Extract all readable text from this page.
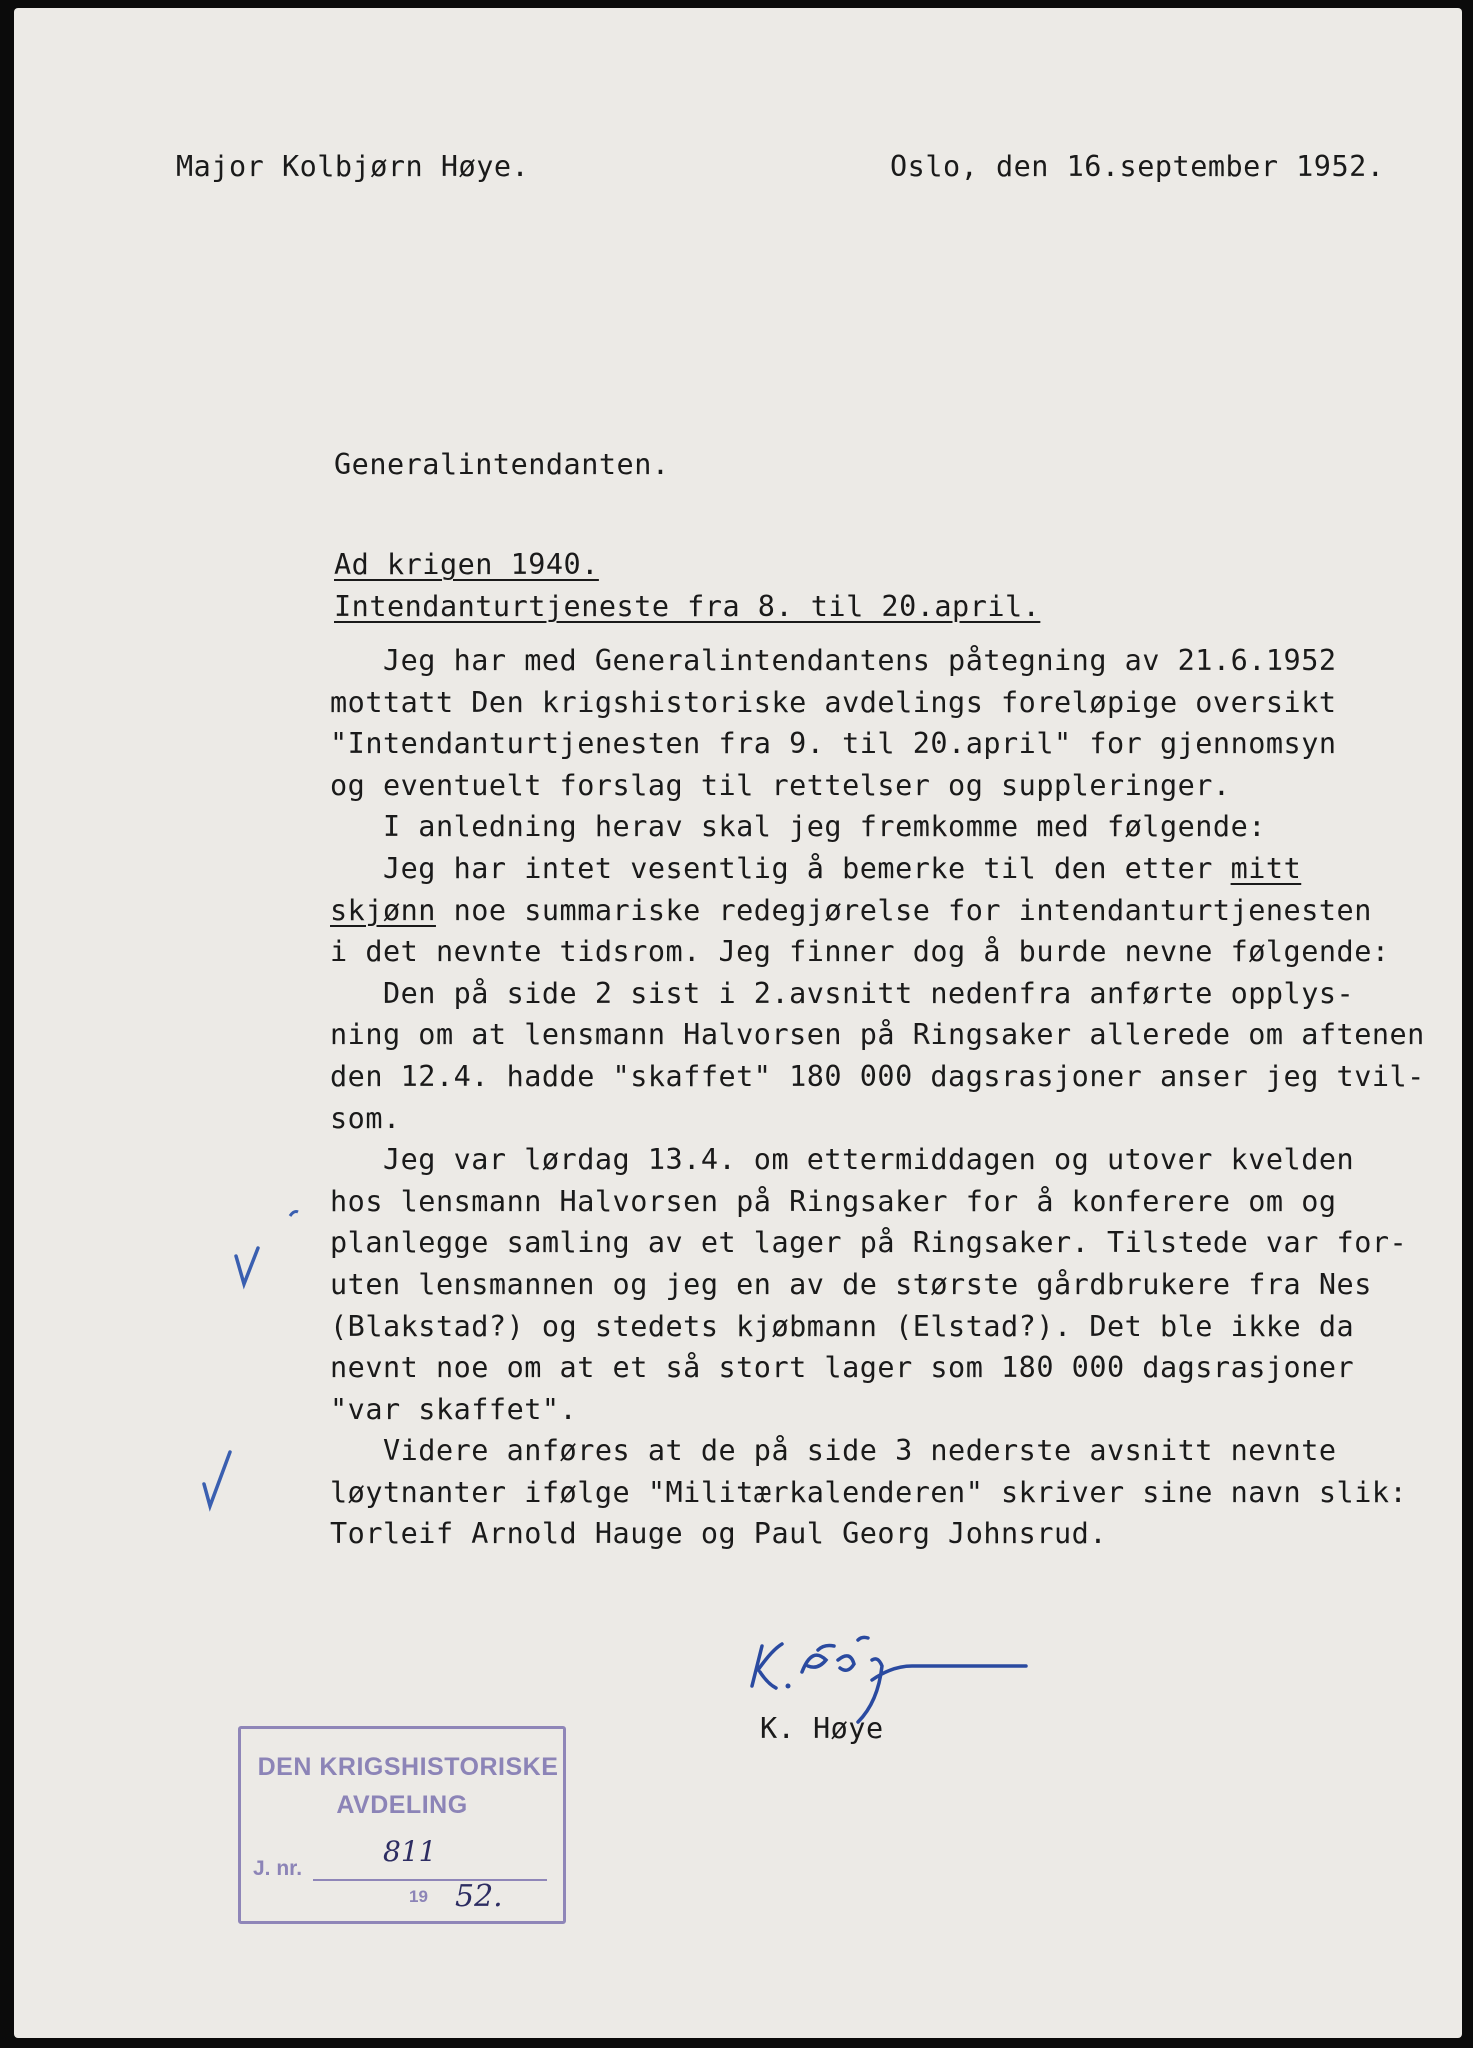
Major Kolbjørn Høye.	Oslo, den 16.september 1952.
Generalintendanten.
Ad krigen 1940.
Intendanturtjeneste fra 8. til 20.april.
Jeg har med Generalintendantens påtegning av 21.6.1952
mottatt Den krigshistoriske avdelings foreløpige oversikt
"Intendanturtjenesten fra 9. til 20.april" for gjennomsyn
og eventuelt forslag til rettelser og suppleringer.
I anledning herav skal jeg fremkomme med følgende:
Jeg har intet vesentlig å bemerke til den etter mitt
skjønn noe summariske redegjørelse for intendanturtjenesten
i det nevnte tidsrom. Jeg finner dog å burde nevne følgende:
Den på side 2 sist i 2.avsnitt nedenfra anførte opplys-
ning om at lensmann Halvorsen på Ringsaker allerede om aftenen
den 12.4. hadde "skaffet" 180 000 dagsrasjoner anser jeg tvil-
som.
Jeg var lørdag 13.4. om ettermiddagen og utover kvelden
hos lensmann Halvorsen på Ringsaker for å konferere om og
planlegge samling av et lager på Ringsaker. Tilstede var for-
uten lensmannen og jeg en av de største gårdbrukere fra Nes
(Blakstad?) og stedets kjøbmann (Elstad?). Det ble ikke da
nevnt noe om at et så stort lager som 180 000 dagsrasjoner
"var skaffet".
Videre anføres at de på side 3 nederste avsnitt nevnte
løytnanter ifølge "Militærkalenderen" skriver sine navn slik:
Torleif Arnold Hauge og Paul Georg Johnsrud.
K. Høye
DEN KRIGSHISTORISKE
AVDELING
J. nr.
19
811
52.
